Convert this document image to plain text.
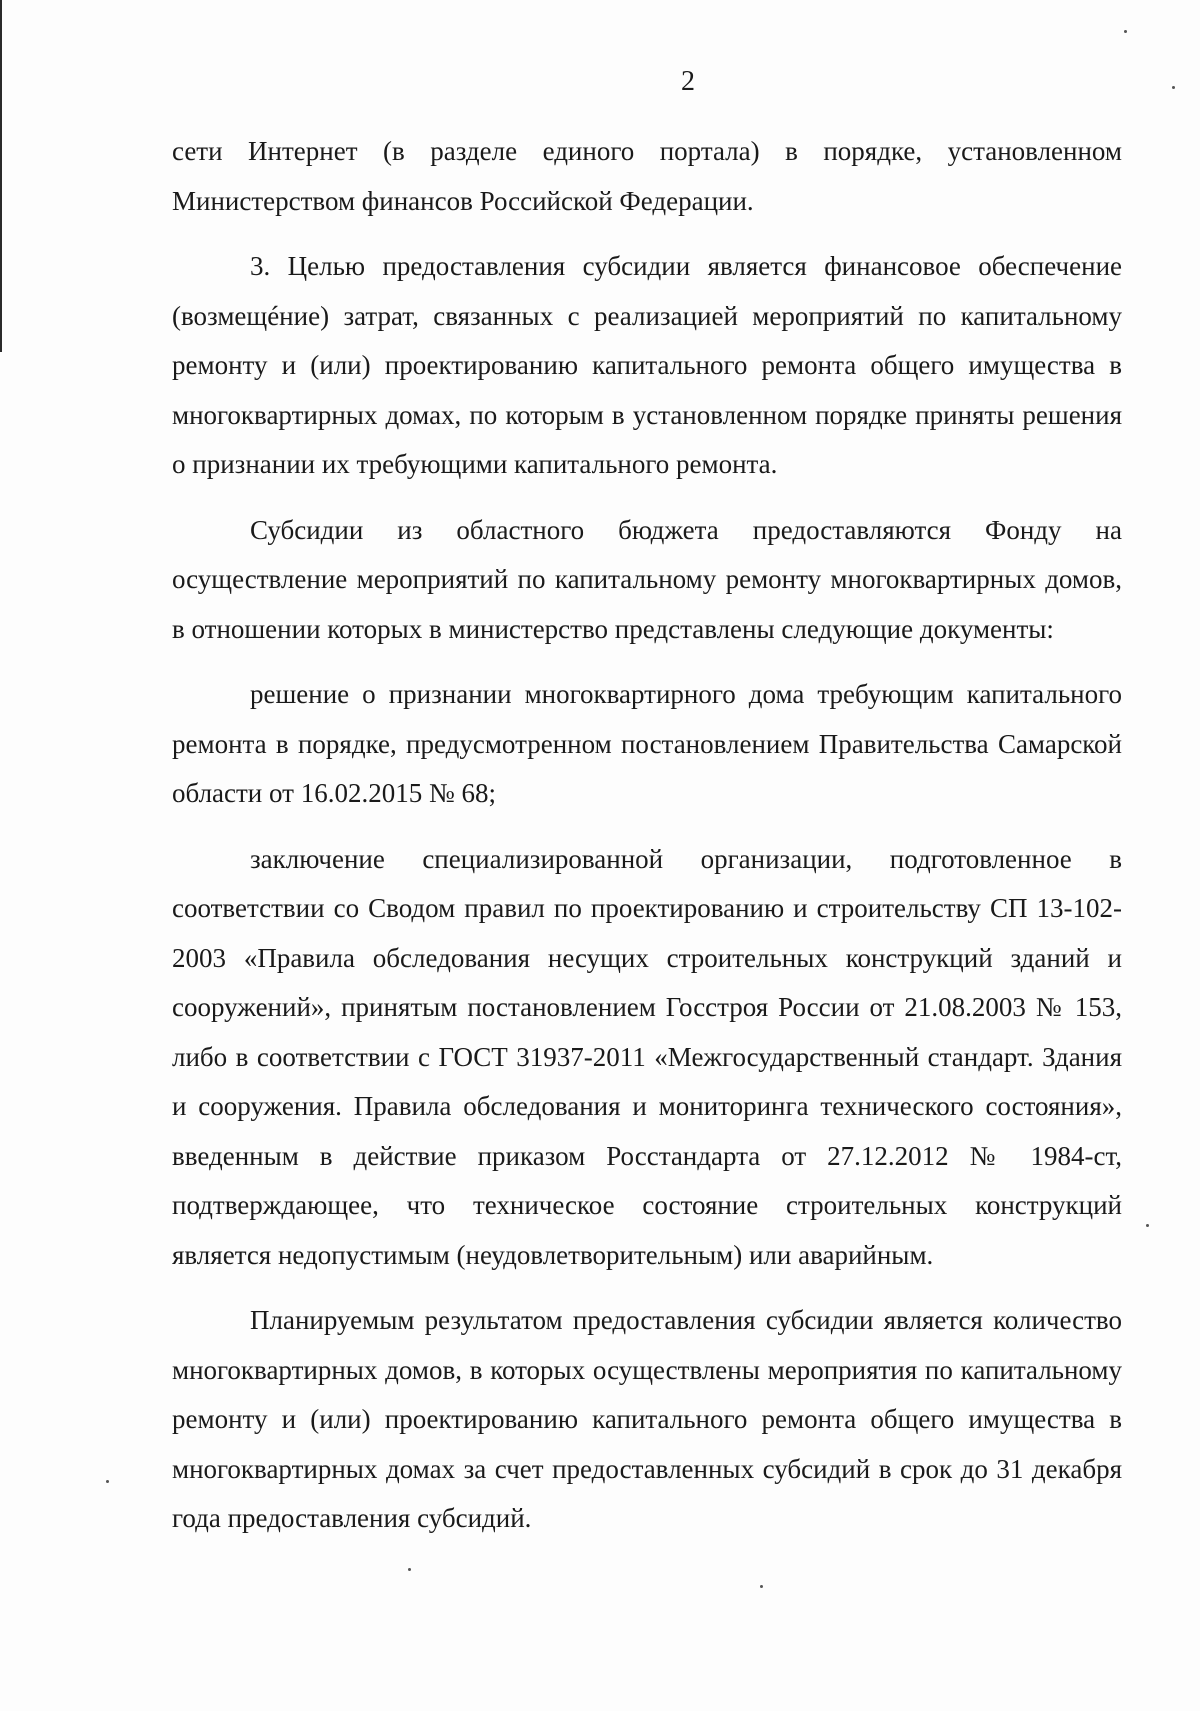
2

сети Интернет (в разделе единого портала) в порядке, установленном Министерством финансов Российской Федерации.

3. Целью предоставления субсидии является финансовое обеспечение (возмещéние) затрат, связанных с реализацией мероприятий по капитальному ремонту и (или) проектированию капитального ремонта общего имущества в многоквартирных домах, по которым в установленном порядке приняты решения о признании их требующими капитального ремонта.

Субсидии из областного бюджета предоставляются Фонду на осуществление мероприятий по капитальному ремонту многоквартирных домов, в отношении которых в министерство представлены следующие документы:

решение о признании многоквартирного дома требующим капитального ремонта в порядке, предусмотренном постановлением Правительства Самарской области от 16.02.2015 № 68;

заключение специализированной организации, подготовленное в соответствии со Сводом правил по проектированию и строительству СП 13-102-2003 «Правила обследования несущих строительных конструкций зданий и сооружений», принятым постановлением Госстроя России от 21.08.2003 № 153, либо в соответствии с ГОСТ 31937-2011 «Межгосударственный стандарт. Здания и сооружения. Правила обследования и мониторинга технического состояния», введенным в действие приказом Росстандарта от 27.12.2012 № 1984-ст, подтверждающее, что техническое состояние строительных конструкций является недопустимым (неудовлетворительным) или аварийным.

Планируемым результатом предоставления субсидии является количество многоквартирных домов, в которых осуществлены мероприятия по капитальному ремонту и (или) проектированию капитального ремонта общего имущества в многоквартирных домах за счет предоставленных субсидий в срок до 31 декабря года предоставления субсидий.
